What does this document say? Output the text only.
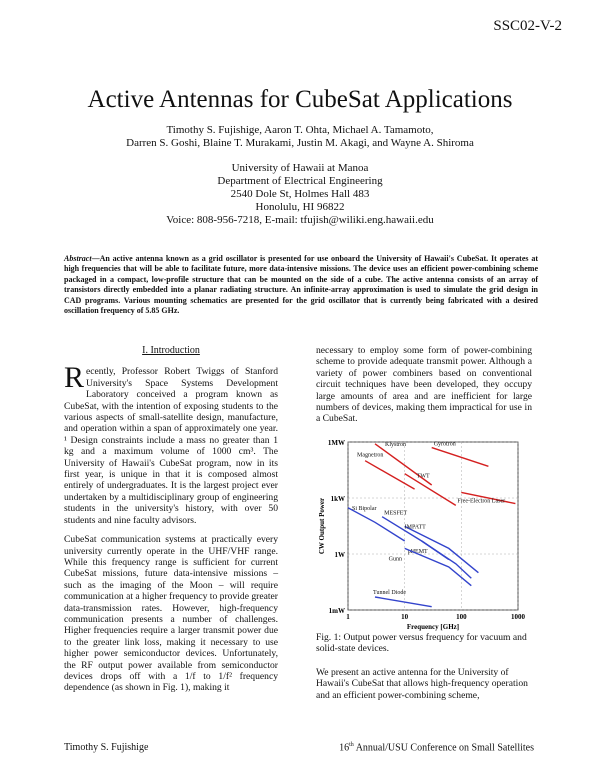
SSC02-V-2
Active Antennas for CubeSat Applications
Timothy S. Fujishige, Aaron T. Ohta, Michael A. Tamamoto,
Darren S. Goshi, Blaine T. Murakami, Justin M. Akagi, and Wayne A. Shiroma
University of Hawaii at Manoa
Department of Electrical Engineering
2540 Dole St, Holmes Hall 483
Honolulu, HI 96822
Voice: 808-956-7218, E-mail: tfujish@wiliki.eng.hawaii.edu
Abstract—An active antenna known as a grid oscillator is presented for use onboard the University of Hawaii's CubeSat. It operates at high frequencies that will be able to facilitate future, more data-intensive missions. The device uses an efficient power-combining scheme packaged in a compact, low-profile structure that can be mounted on the side of a cube. The active antenna consists of an array of transistors directly embedded into a planar radiating structure. An infinite-array approximation is used to simulate the grid design in CAD programs. Various mounting schematics are presented for the grid oscillator that is currently being fabricated with a desired oscillation frequency of 5.85 GHz.
I. Introduction

Recently, Professor Robert Twiggs of Stanford University's Space Systems Development Laboratory conceived a program known as CubeSat, with the intention of exposing students to the various aspects of small-satellite design, manufacture, and operation within a span of approximately one year. ¹ Design constraints include a mass no greater than 1 kg and a maximum volume of 1000 cm³. The University of Hawaii's CubeSat program, now in its first year, is unique in that it is composed almost entirely of undergraduates. It is the largest project ever undertaken by a multidisciplinary group of engineering students in the university's history, with over 50 students and nine faculty advisors.

CubeSat communication systems at practically every university currently operate in the UHF/VHF range. While this frequency range is sufficient for current CubeSat missions, future data-intensive missions – such as the imaging of the Moon – will require communication at a higher frequency to provide greater data-transmission rates. However, high-frequency communication presents a number of challenges. Higher frequencies require a larger transmit power due to the greater link loss, making it necessary to use higher power semiconductor devices. Unfortunately, the RF output power available from semiconductor devices drops off with a 1/f to 1/f² frequency dependence (as shown in Fig. 1), making it

necessary to employ some form of power-combining scheme to provide adequate transmit power. Although a variety of power combiners based on conventional circuit techniques have been developed, they occupy large amounts of area and are inefficient for large numbers of devices, making them impractical for use in a CubeSat.

1mW
1W
1kW
1MW
1	10	100	1000
Frequency [GHz]
CW Output Power
Gyrotron
Klystron
Magnetron
TWT
Free-Electron Laser
Si Bipolar
MESFET
IMPATT
pHEMT
Gunn
Tunnel Diode

Fig. 1: Output power versus frequency for vacuum and solid-state devices.

We present an active antenna for the University of Hawaii's CubeSat that allows high-frequency operation and an efficient power-combining scheme,

Timothy S. Fujishige	16th Annual/USU Conference on Small Satellites
